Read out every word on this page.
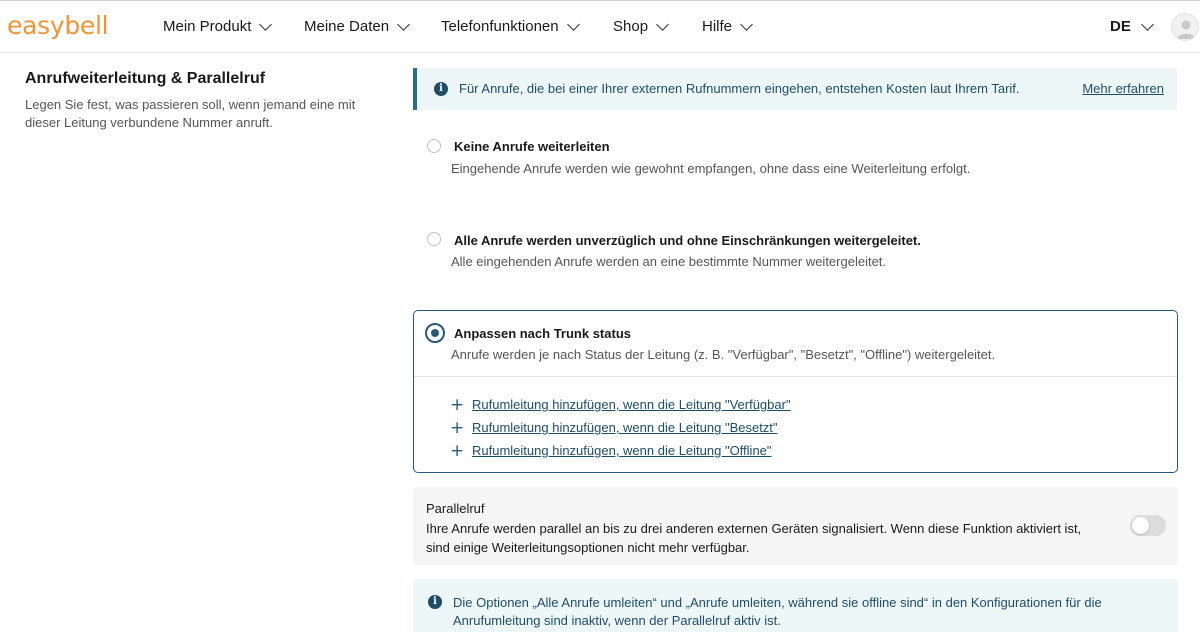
easybell	Mein Produkt	Meine Daten	Telefonfunktionen	Shop	Hilfe	DE
Anrufweiterleitung & Parallelruf
Legen Sie fest, was passieren soll, wenn jemand eine mit dieser Leitung verbundene Nummer anruft.
i	Für Anrufe, die bei einer Ihrer externen Rufnummern eingehen, entstehen Kosten laut Ihrem Tarif.	Mehr erfahren
Keine Anrufe weiterleiten
Eingehende Anrufe werden wie gewohnt empfangen, ohne dass eine Weiterleitung erfolgt.
Alle Anrufe werden unverzüglich und ohne Einschränkungen weitergeleitet.
Alle eingehenden Anrufe werden an eine bestimmte Nummer weitergeleitet.
Anpassen nach Trunk status
Anrufe werden je nach Status der Leitung (z. B. "Verfügbar", "Besetzt", "Offline") weitergeleitet.
+ Rufumleitung hinzufügen, wenn die Leitung "Verfügbar"
+ Rufumleitung hinzufügen, wenn die Leitung "Besetzt"
+ Rufumleitung hinzufügen, wenn die Leitung "Offline"
Parallelruf
Ihre Anrufe werden parallel an bis zu drei anderen externen Geräten signalisiert. Wenn diese Funktion aktiviert ist, sind einige Weiterleitungsoptionen nicht mehr verfügbar.
i	Die Optionen „Alle Anrufe umleiten“ und „Anrufe umleiten, während sie offline sind“ in den Konfigurationen für die Anrufumleitung sind inaktiv, wenn der Parallelruf aktiv ist.
